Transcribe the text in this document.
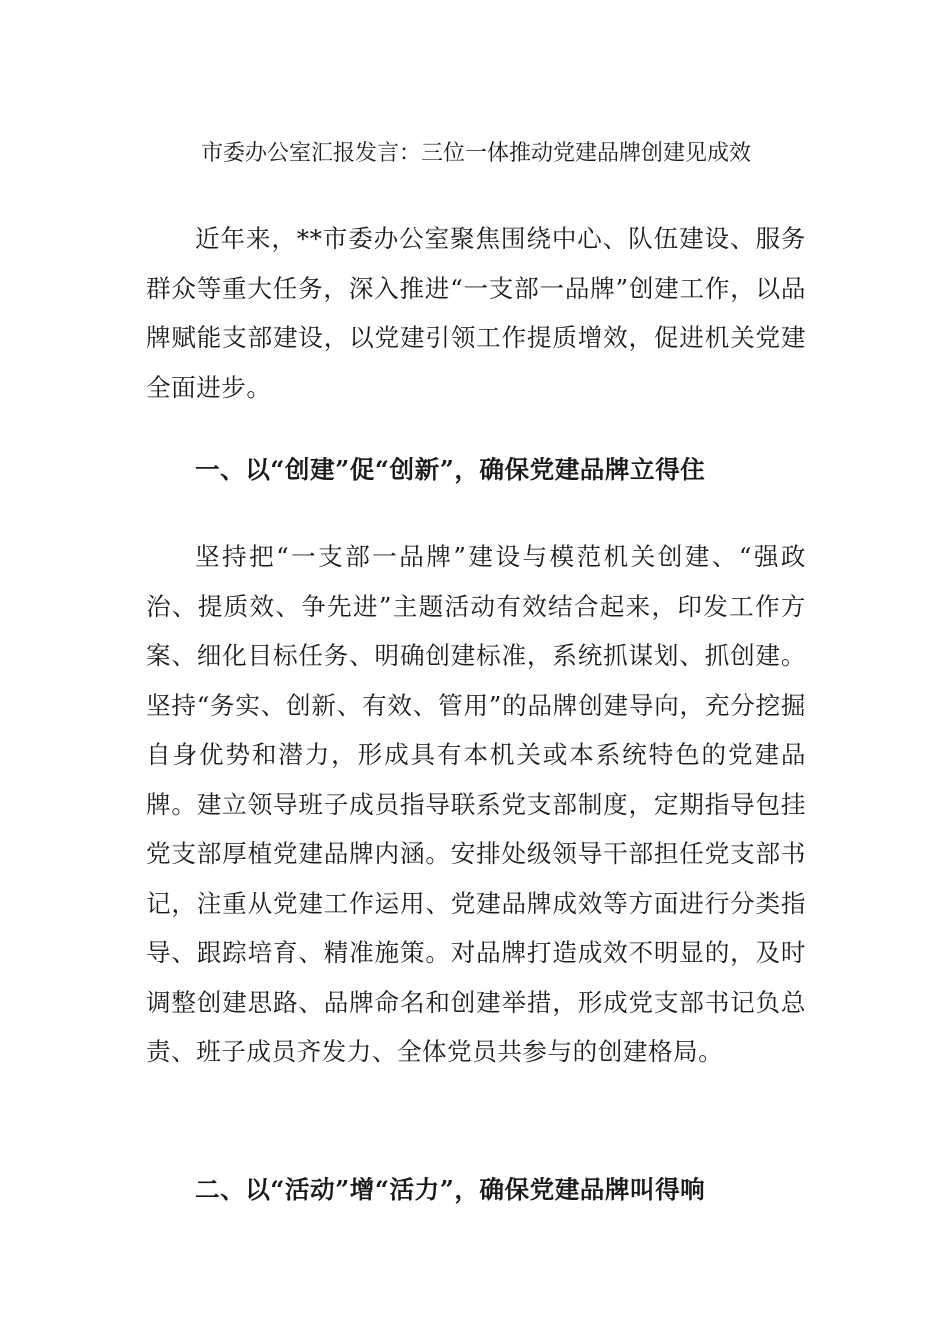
市委办公室汇报发言：三位一体推动党建品牌创建见成效

近年来，**市委办公室聚焦围绕中心、队伍建设、服务群众等重大任务，深入推进“一支部一品牌”创建工作，以品牌赋能支部建设，以党建引领工作提质增效，促进机关党建全面进步。

一、以“创建”促“创新”，确保党建品牌立得住

坚持把“一支部一品牌”建设与模范机关创建、“强政治、提质效、争先进”主题活动有效结合起来，印发工作方案、细化目标任务、明确创建标准，系统抓谋划、抓创建。坚持“务实、创新、有效、管用”的品牌创建导向，充分挖掘自身优势和潜力，形成具有本机关或本系统特色的党建品牌。建立领导班子成员指导联系党支部制度，定期指导包挂党支部厚植党建品牌内涵。安排处级领导干部担任党支部书记，注重从党建工作运用、党建品牌成效等方面进行分类指导、跟踪培育、精准施策。对品牌打造成效不明显的，及时调整创建思路、品牌命名和创建举措，形成党支部书记负总责、班子成员齐发力、全体党员共参与的创建格局。

二、以“活动”增“活力”，确保党建品牌叫得响
